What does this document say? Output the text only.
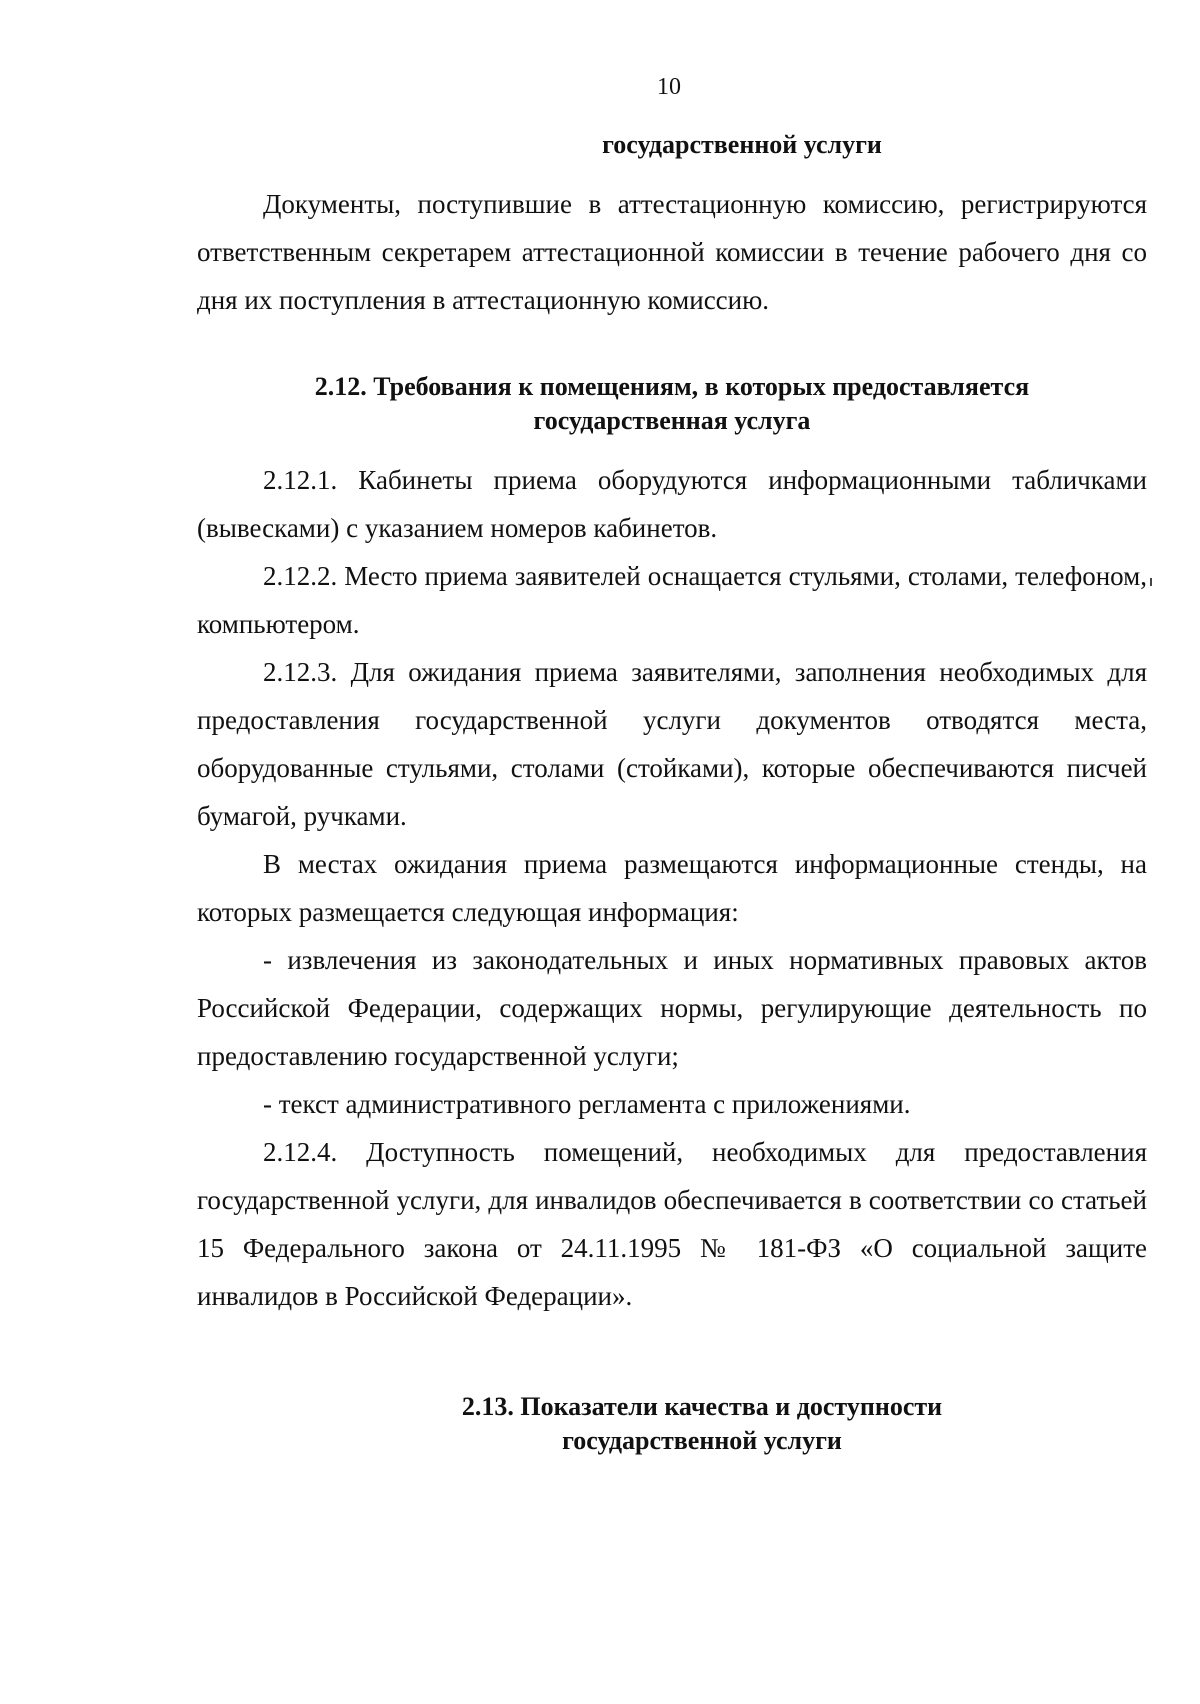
10
государственной услуги

Документы, поступившие в аттестационную комиссию, регистрируются ответственным секретарем аттестационной комиссии в течение рабочего дня со дня их поступления в аттестационную комиссию.

2.12. Требования к помещениям, в которых предоставляется
государственная услуга

2.12.1. Кабинеты приема оборудуются информационными табличками (вывесками) с указанием номеров кабинетов.

2.12.2. Место приема заявителей оснащается стульями, столами, телефоном, компьютером.

2.12.3. Для ожидания приема заявителями, заполнения необходимых для предоставления государственной услуги документов отводятся места, оборудованные стульями, столами (стойками), которые обеспечиваются писчей бумагой, ручками.

В местах ожидания приема размещаются информационные стенды, на которых размещается следующая информация:

- извлечения из законодательных и иных нормативных правовых актов Российской Федерации, содержащих нормы, регулирующие деятельность по предоставлению государственной услуги;

- текст административного регламента с приложениями.

2.12.4. Доступность помещений, необходимых для предоставления государственной услуги, для инвалидов обеспечивается в соответствии со статьей 15 Федерального закона от 24.11.1995 № 181-ФЗ «О социальной защите инвалидов в Российской Федерации».

2.13. Показатели качества и доступности
государственной услуги
